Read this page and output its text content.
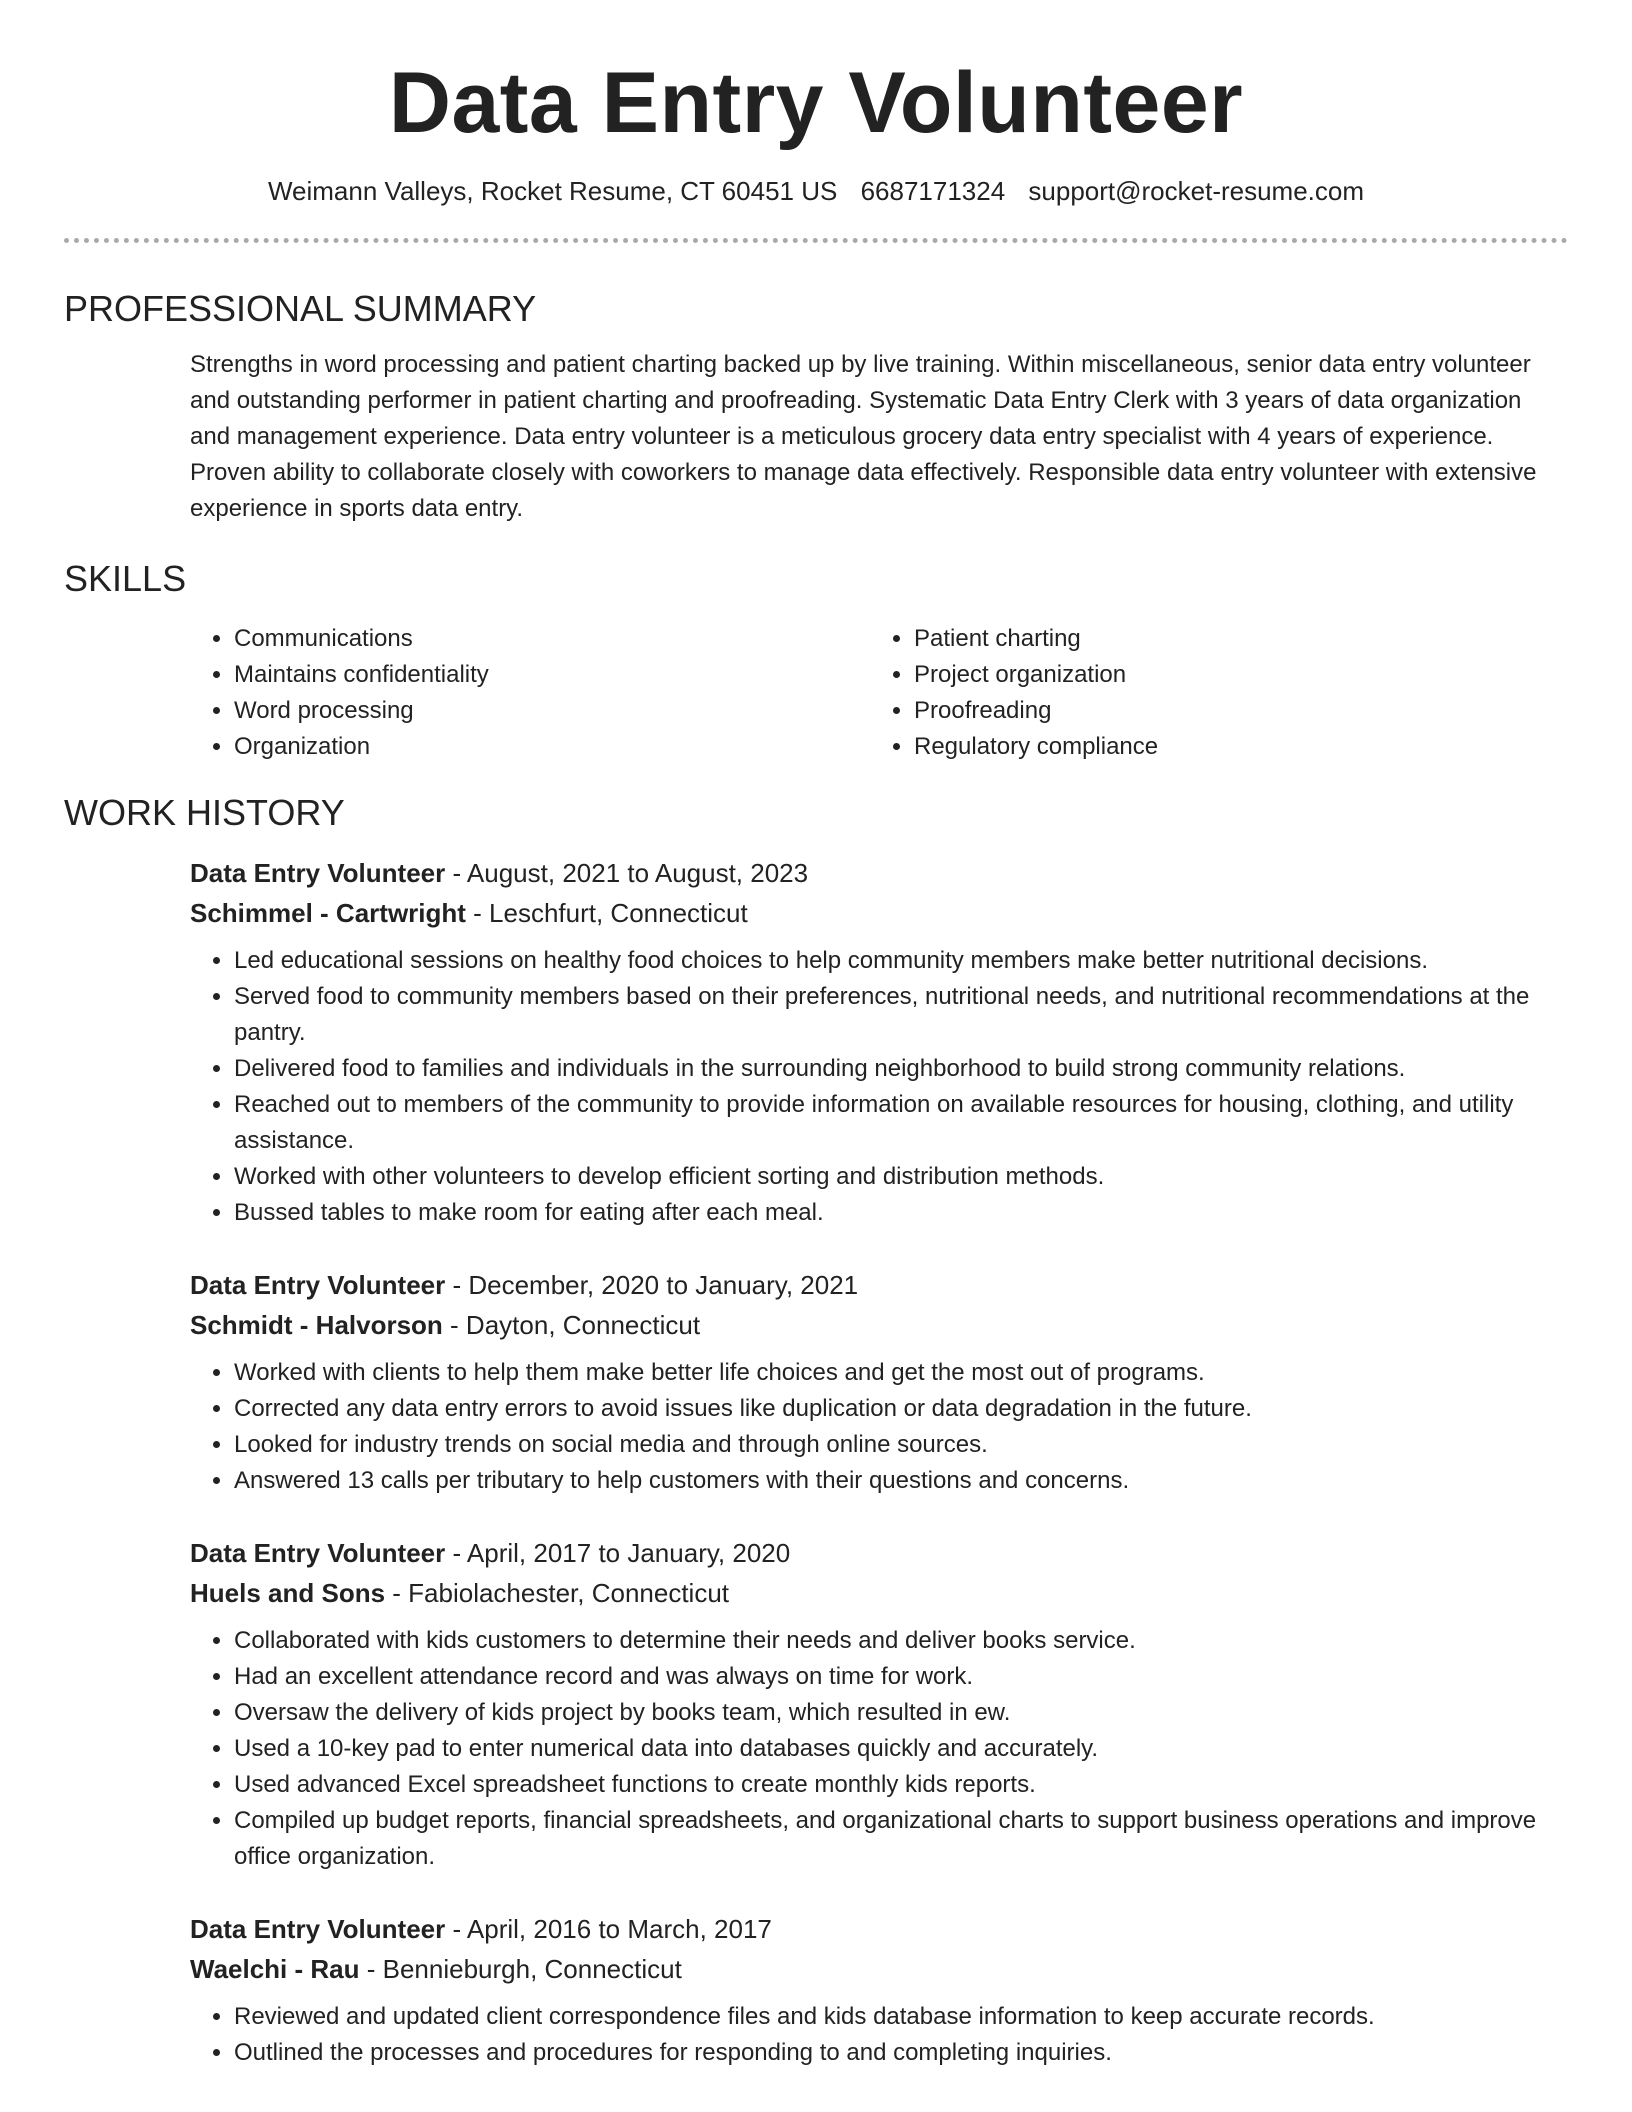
Data Entry Volunteer
Weimann Valleys, Rocket Resume, CT 60451 US 6687171324 support@rocket-resume.com
PROFESSIONAL SUMMARY

Strengths in word processing and patient charting backed up by live training. Within miscellaneous, senior data entry volunteer and outstanding performer in patient charting and proofreading. Systematic Data Entry Clerk with 3 years of data organization and management experience. Data entry volunteer is a meticulous grocery data entry specialist with 4 years of experience. Proven ability to collaborate closely with coworkers to manage data effectively. Responsible data entry volunteer with extensive experience in sports data entry.

SKILLS
• Communications
• Maintains confidentiality
• Word processing
• Organization
• Patient charting
• Project organization
• Proofreading
• Regulatory compliance
WORK HISTORY
Data Entry Volunteer - August, 2021 to August, 2023
Schimmel - Cartwright - Leschfurt, Connecticut
• Led educational sessions on healthy food choices to help community members make better nutritional decisions.
• Served food to community members based on their preferences, nutritional needs, and nutritional recommendations at the pantry.
• Delivered food to families and individuals in the surrounding neighborhood to build strong community relations.
• Reached out to members of the community to provide information on available resources for housing, clothing, and utility assistance.
• Worked with other volunteers to develop efficient sorting and distribution methods.
• Bussed tables to make room for eating after each meal.
Data Entry Volunteer - December, 2020 to January, 2021
Schmidt - Halvorson - Dayton, Connecticut
• Worked with clients to help them make better life choices and get the most out of programs.
• Corrected any data entry errors to avoid issues like duplication or data degradation in the future.
• Looked for industry trends on social media and through online sources.
• Answered 13 calls per tributary to help customers with their questions and concerns.
Data Entry Volunteer - April, 2017 to January, 2020
Huels and Sons - Fabiolachester, Connecticut
• Collaborated with kids customers to determine their needs and deliver books service.
• Had an excellent attendance record and was always on time for work.
• Oversaw the delivery of kids project by books team, which resulted in ew.
• Used a 10-key pad to enter numerical data into databases quickly and accurately.
• Used advanced Excel spreadsheet functions to create monthly kids reports.
• Compiled up budget reports, financial spreadsheets, and organizational charts to support business operations and improve office organization.
Data Entry Volunteer - April, 2016 to March, 2017
Waelchi - Rau - Bennieburgh, Connecticut
• Reviewed and updated client correspondence files and kids database information to keep accurate records.
• Outlined the processes and procedures for responding to and completing inquiries.
